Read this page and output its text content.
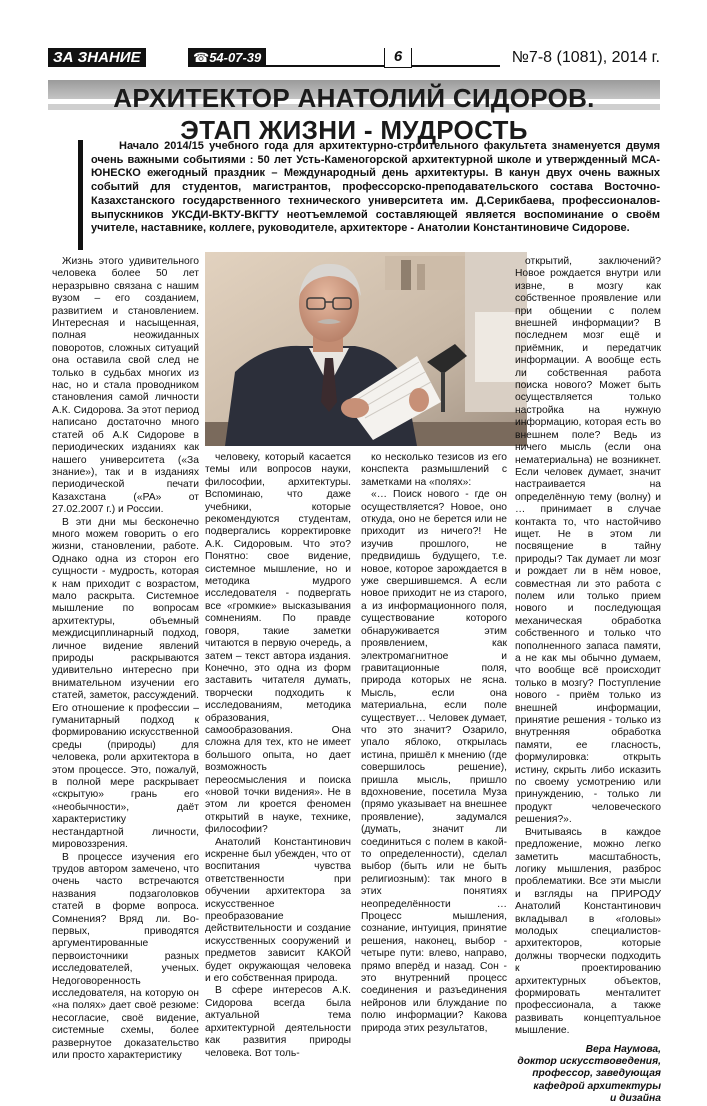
ЗА ЗНАНИЕ	☎54-07-39	6	№7-8 (1081), 2014 г.
АРХИТЕКТОР АНАТОЛИЙ СИДОРОВ.
ЭТАП ЖИЗНИ - МУДРОСТЬ
Начало 2014/15 учебного года для архитектурно-строительного факультета знаменуется двумя очень важными событиями : 50 лет Усть-Каменогорской архитектурной школе и утвержденный МСА-ЮНЕСКО ежегодный праздник – Международный день архитектуры. В канун двух очень важных событий для студентов, магистрантов, профессорско-преподавательского состава Восточно-Казахстанского государственного технического университета им. Д.Серикбаева, профессионалов-выпускников УКСДИ-ВКТУ-ВКГТУ неотъемлемой составляющей является воспоминание о своём учителе, наставнике, коллеге, руководителе, архитекторе - Анатолии Константиновиче Сидорове.

Жизнь этого удивительного человека более 50 лет неразрывно связана с нашим вузом – его созданием, развитием и становлением. Интересная и насыщенная, полная неожиданных поворотов, сложных ситуаций она оставила свой след не только в судьбах многих из нас, но и стала проводником становления самой личности А.К. Сидорова. За этот период написано достаточно много статей об А.К Сидорове в периодических изданиях как нашего университета («За знание»), так и в изданиях периодической печати Казахстана («РА» от 27.02.2007 г.) и России.

В эти дни мы бесконечно много можем говорить о его жизни, становлении, работе. Однако одна из сторон его сущности - мудрость, которая к нам приходит с возрастом, мало раскрыта. Системное мышление по вопросам архитектуры, объемный междисциплинарный подход, личное видение явлений природы раскрываются удивительно интересно при внимательном изучении его статей, заметок, рассуждений. Его отношение к профессии – гуманитарный подход к формированию искусственной среды (природы) для человека, роли архитектора в этом процессе. Это, пожалуй, в полной мере раскрывает «скрытую» грань его «необычности», даёт характеристику нестандартной личности, мировоззрения.

В процессе изучения его трудов автором замечено, что очень часто встречаются названия подзаголовков статей в форме вопроса. Сомнения? Вряд ли. Во-первых, приводятся аргументированные первоисточники разных исследователей, ученых. Недоговоренность исследователя, на которую он «на полях» дает своё резюме: несогласие, своё видение, системные схемы, более развернутое доказательство или просто характеристику

человеку, который касается темы или вопросов науки, философии, архитектуры. Вспоминаю, что даже учебники, которые рекомендуются студентам, подвергались корректировке А.К. Сидоровым. Что это? Понятно: свое видение, системное мышление, но и методика мудрого исследователя - подвергать все «громкие» высказывания сомнениям. По правде говоря, такие заметки читаются в первую очередь, а затем – текст автора издания. Конечно, это одна из форм заставить читателя думать, творчески подходить к исследованиям, методика образования, самообразования. Она сложна для тех, кто не имеет большого опыта, но дает возможность переосмысления и поиска «новой точки видения». Не в этом ли кроется феномен открытий в науке, технике, философии?

Анатолий Константинович искренне был убежден, что от воспитания чувства ответственности при обучении архитектора за искусственное преобразование действительности и создание искусственных сооружений и предметов зависит КАКОЙ будет окружающая человека и его собственная природа.

В сфере интересов А.К. Сидорова всегда была актуальной тема архитектурной деятельности как развития природы человека. Вот толь-

ко несколько тезисов из его конспекта размышлений с заметками на «полях»:

«… Поиск нового - где он осуществляется? Новое, оно откуда, оно не берется или не приходит из ничего?! Не изучив прошлого, не предвидишь будущего, т.е. новое, которое зарождается в уже свершившемся. А если новое приходит не из старого, а из информационного поля, существование которого обнаруживается этим проявлением, как электромагнитное и гравитационные поля, природа которых не ясна. Мысль, если она материальна, если поле существует… Человек думает, что это значит? Озарило, упало яблоко, открылась истина, пришёл к мнению (где совершилось решение), пришла мысль, пришло вдохновение, посетила Муза (прямо указывает на внешнее проявление), задумался (думать, значит ли соединиться с полем в какой-то определенности), сделал выбор (быть или не быть религиозным): так много в этих понятиях неопределённости … Процесс мышления, сознание, интуиция, принятие решения, наконец, выбор - четыре пути: влево, направо, прямо вперёд и назад. Сон - это внутренний процесс соединения и разъединения нейронов или блуждание по полю информации? Какова природа этих результатов,

открытий, заключений? Новое рождается внутри или извне, в мозгу как собственное проявление или при общении с полем внешней информации? В последнем мозг ещё и приёмник, и передатчик информации. А вообще есть ли собственная работа поиска нового? Может быть осуществляется только настройка на нужную информацию, которая есть во внешнем поле? Ведь из ничего мысль (если она нематериальна) не возникнет. Если человек думает, значит настраивается на определённую тему (волну) и … принимает в случае контакта то, что настойчиво ищет. Не в этом ли посвящение в тайну природы? Так думает ли мозг и рождает ли в нём новое, совместная ли это работа с полем или только прием нового и последующая механическая обработка собственного и только что пополненного запаса памяти, а не как мы обычно думаем, что вообще всё происходит только в мозгу? Поступление нового - приём только из внешней информации, принятие решения - только из внутренняя обработка памяти, ее гласность, формулировка: открыть истину, скрыть либо исказить по своему усмотрению или принуждению, - только ли продукт человеческого решения?».

Вчитываясь в каждое предложение, можно легко заметить масштабность, логику мышления, разброс проблематики. Все эти мысли и взгляды на ПРИРОДУ Анатолий Константинович вкладывал в «головы» молодых специалистов-архитекторов, которые должны творчески подходить к проектированию архитектурных объектов, формировать менталитет профессионала, а также развивать концептуальное мышление.

Вера Наумова,
доктор искусствоведения,
профессор, заведующая
кафедрой архитектуры
и дизайна
